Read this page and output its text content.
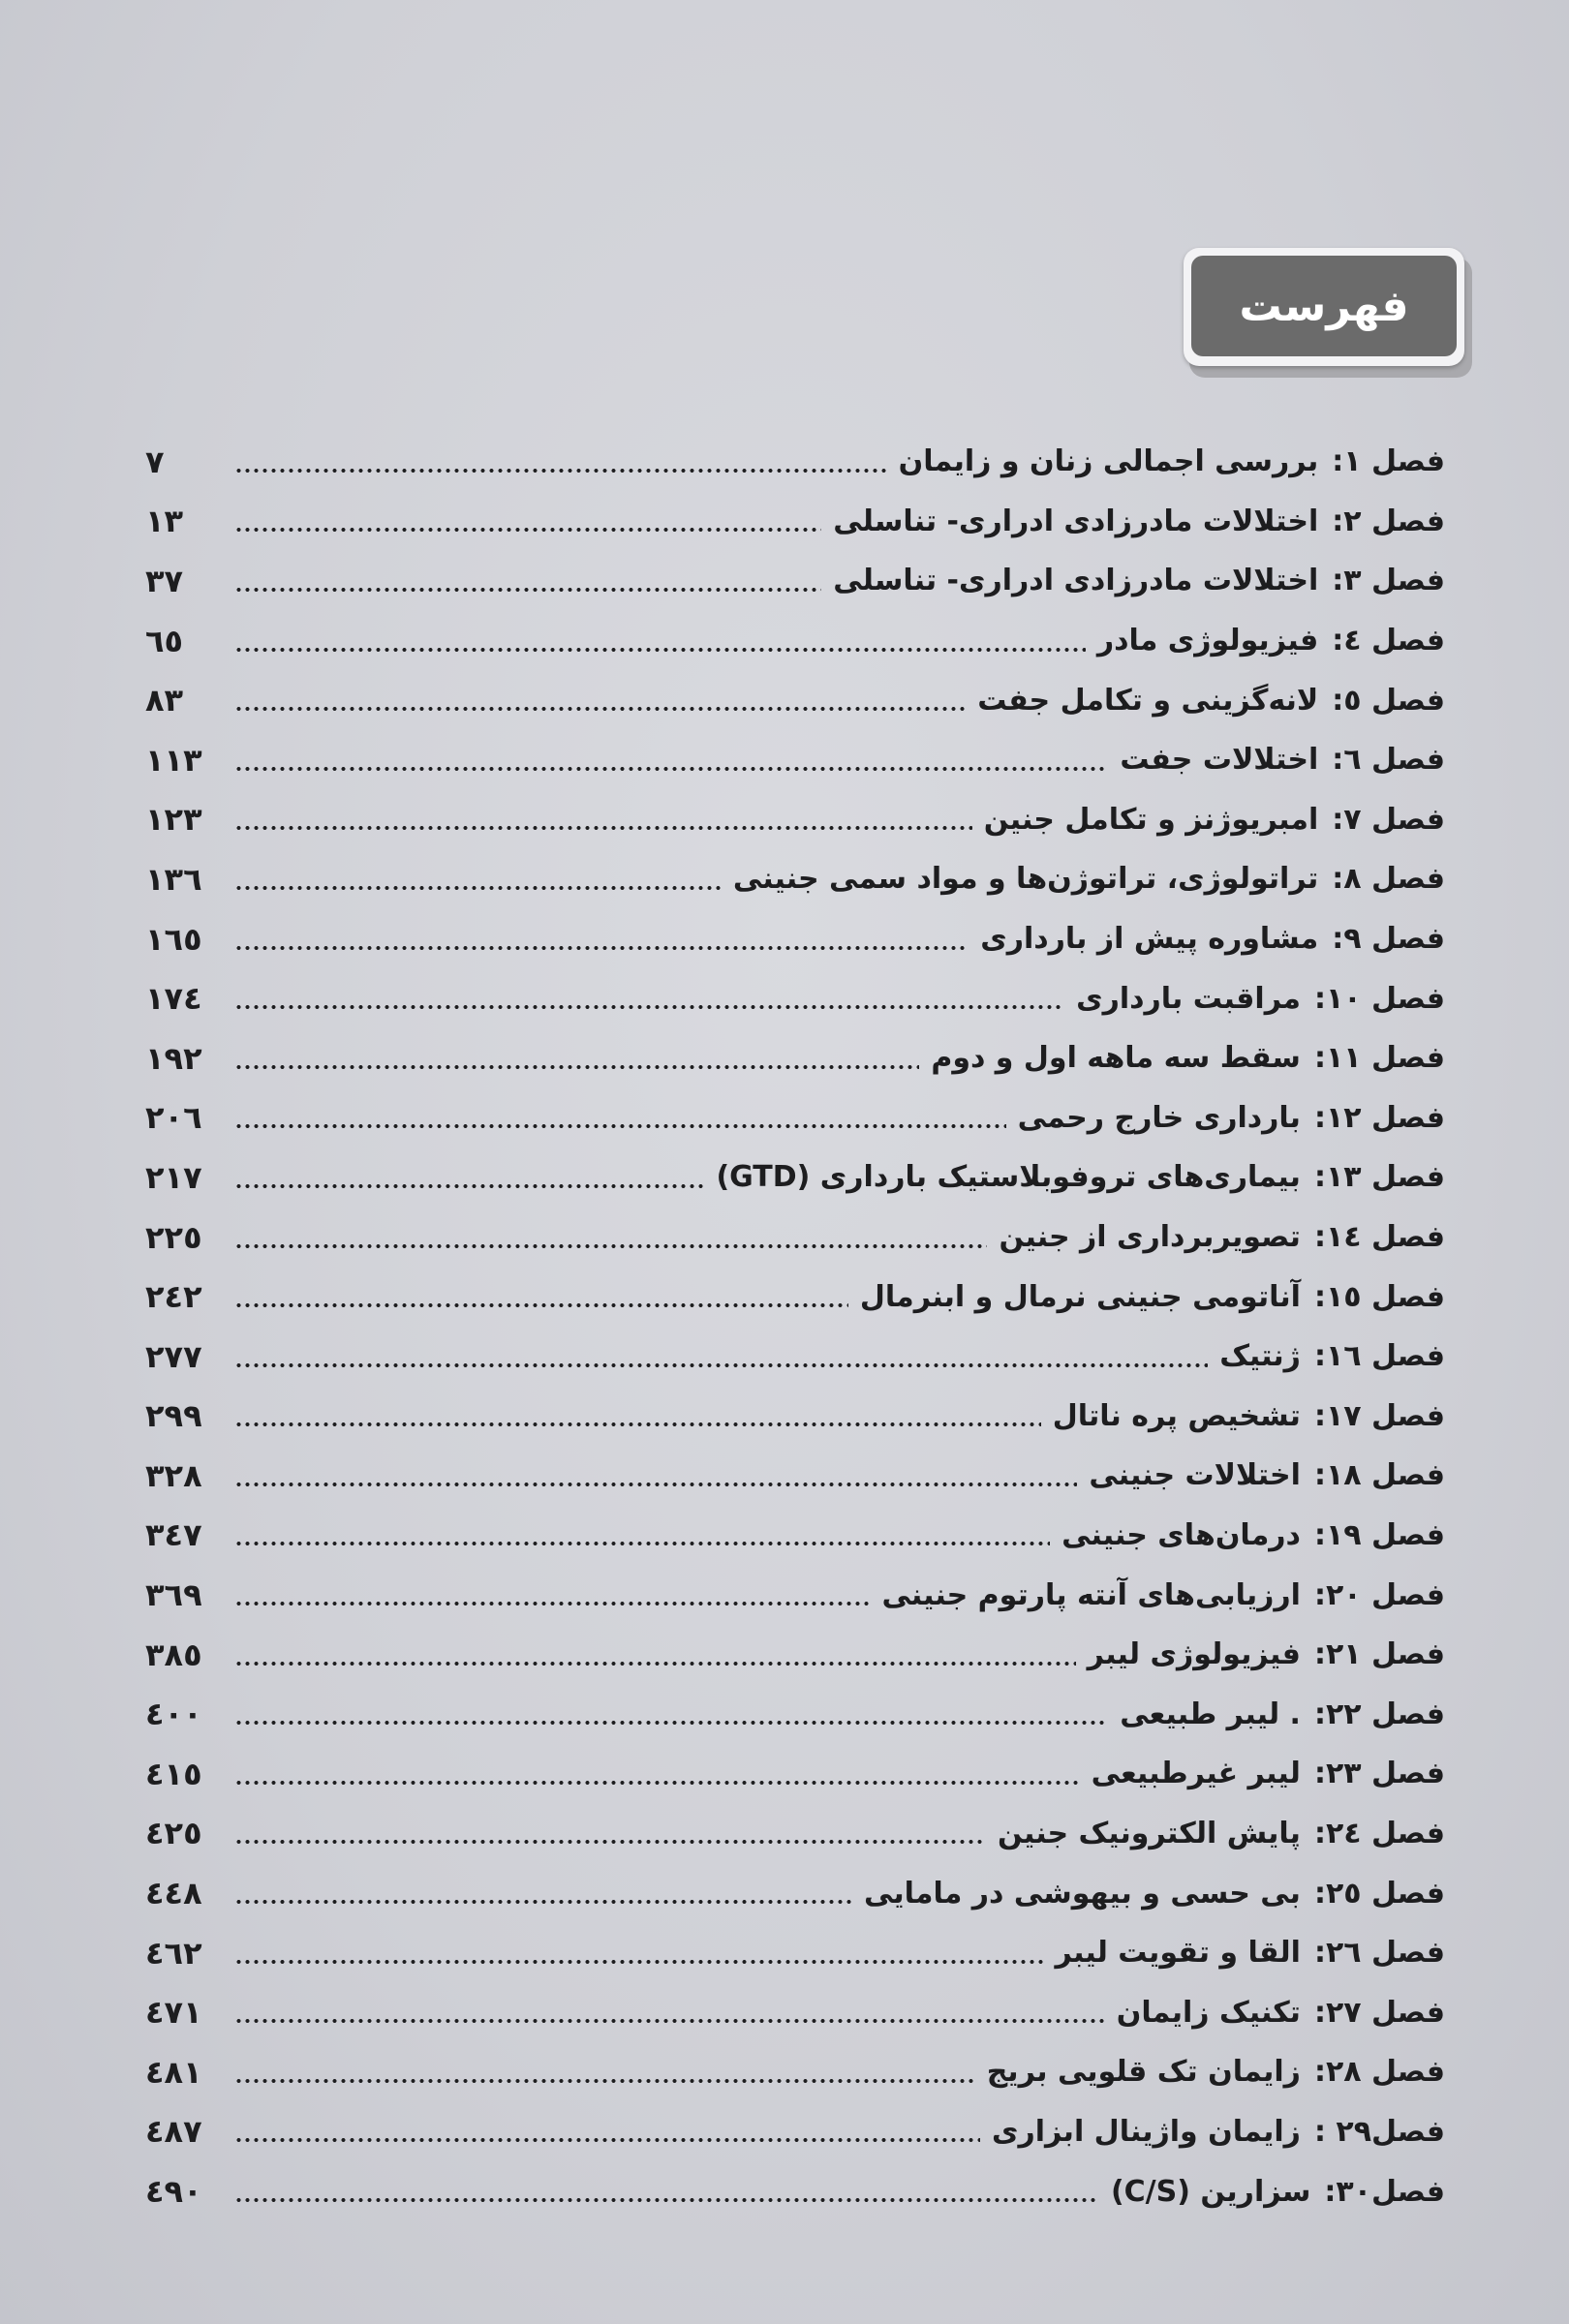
فهرست
فصل ۱:
بررسی اجمالی زنان و زایمان
۷
فصل ۲:
اختلالات مادرزادی ادراری- تناسلی
۱۳
فصل ۳:
اختلالات مادرزادی ادراری- تناسلی
۳۷
فصل ٤:
فیزیولوژی مادر
٦٥
فصل ٥:
لانه‌گزینی و تکامل جفت
۸۳
فصل ٦:
اختلالات جفت
۱۱۳
فصل ۷:
امبریوژنز و تکامل جنین
۱۲۳
فصل ۸:
تراتولوژی، تراتوژن‌ها و مواد سمی جنینی
۱۳٦
فصل ۹:
مشاوره پیش از بارداری
۱٦٥
فصل ۱۰:
مراقبت بارداری
۱۷٤
فصل ۱۱:
سقط سه ماهه اول و دوم
۱۹۲
فصل ۱۲:
بارداری خارج رحمی
۲۰٦
فصل ۱۳:
بیماری‌های تروفوبلاستیک بارداری (GTD)
۲۱۷
فصل ١٤:
تصویربرداری از جنین
۲۲٥
فصل ۱٥:
آناتومی جنینی نرمال و ابنرمال
۲٤۲
فصل ١٦:
ژنتیک
۲۷۷
فصل ۱۷:
تشخیص پره ناتال
۲۹۹
فصل ۱۸:
اختلالات جنینی
۳۲۸
فصل ۱۹:
درمان‌های جنینی
۳٤۷
فصل ۲۰:
ارزیابی‌های آنته پارتوم جنینی
۳٦۹
فصل ۲۱:
فیزیولوژی لیبر
۳۸٥
فصل ۲۲:
. لیبر طبیعی
٤۰۰
فصل ۲۳:
لیبر غیرطبیعی
٤۱٥
فصل ٢٤:
پایش الکترونیک جنین
٤۲٥
فصل ۲٥:
بی حسی و بیهوشی در مامایی
٤٤۸
فصل ٢٦:
القا و تقویت لیبر
٤٦۲
فصل ۲۷:
تکنیک زایمان
٤۷۱
فصل ۲۸:
زایمان تک قلویی بریج
٤۸۱
فصل۲۹ :
زایمان واژینال ابزاری
٤۸۷
فصل۳۰:
سزارین (C/S)
٤۹۰
